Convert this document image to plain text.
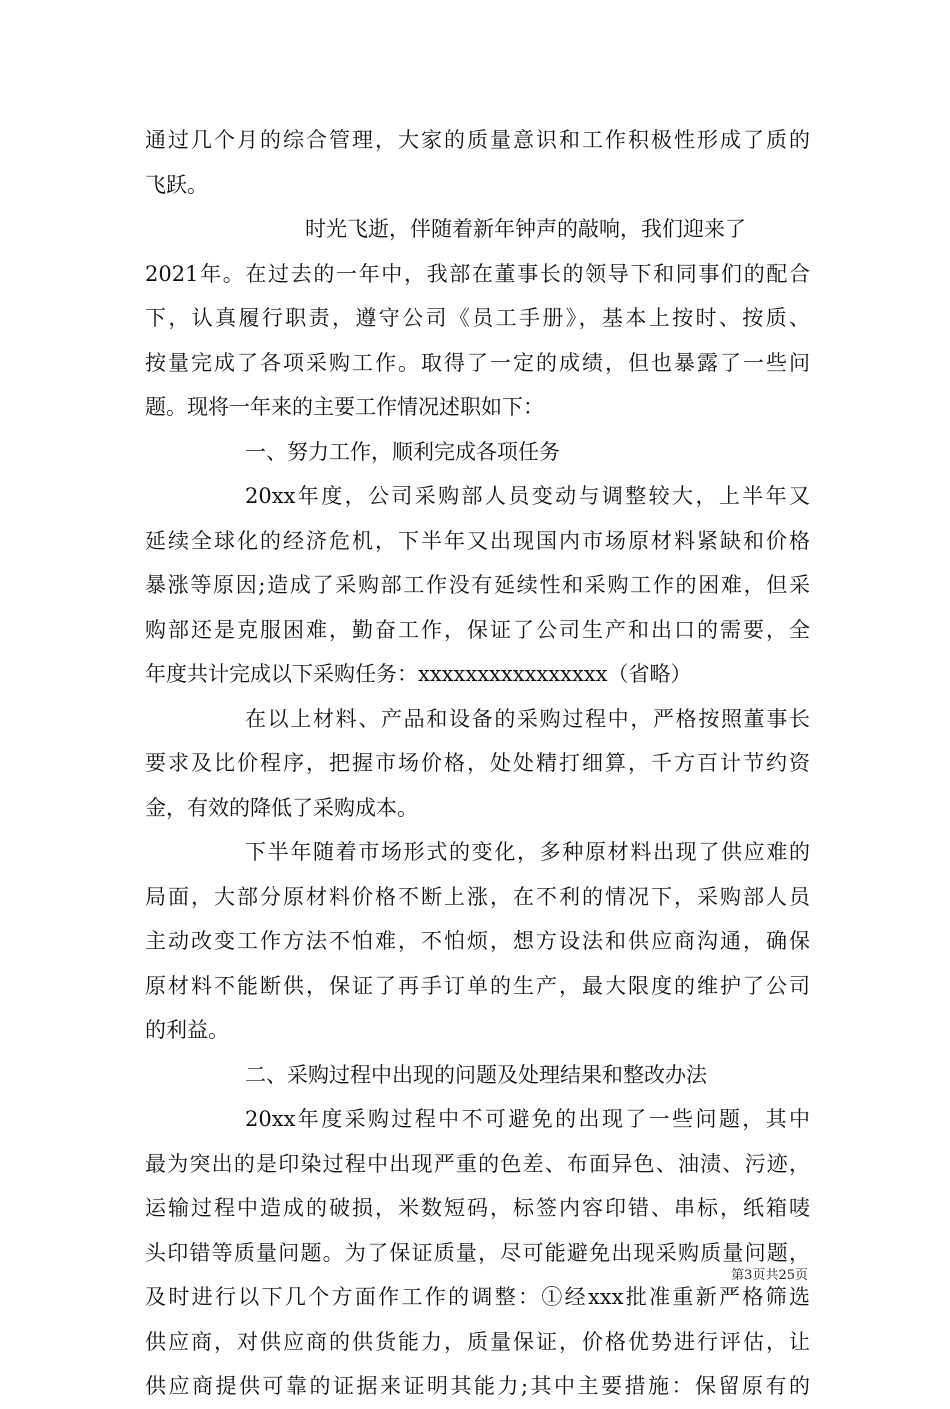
通过几个月的综合管理，大家的质量意识和工作积极性形成了质的
飞跃。
时光飞逝，伴随着新年钟声的敲响，我们迎来了
2021年。在过去的一年中，我部在董事长的领导下和同事们的配合
下，认真履行职责，遵守公司《员工手册》，基本上按时、按质、
按量完成了各项采购工作。取得了一定的成绩，但也暴露了一些问
题。现将一年来的主要工作情况述职如下：
一、努力工作，顺利完成各项任务
20xx年度，公司采购部人员变动与调整较大，上半年又
延续全球化的经济危机，下半年又出现国内市场原材料紧缺和价格
暴涨等原因;造成了采购部工作没有延续性和采购工作的困难，但采
购部还是克服困难，勤奋工作，保证了公司生产和出口的需要，全
年度共计完成以下采购任务：xxxxxxxxxxxxxxxx（省略）
在以上材料、产品和设备的采购过程中，严格按照董事长
要求及比价程序，把握市场价格，处处精打细算，千方百计节约资
金，有效的降低了采购成本。
下半年随着市场形式的变化，多种原材料出现了供应难的
局面，大部分原材料价格不断上涨，在不利的情况下，采购部人员
主动改变工作方法不怕难，不怕烦，想方设法和供应商沟通，确保
原材料不能断供，保证了再手订单的生产，最大限度的维护了公司
的利益。
二、采购过程中出现的问题及处理结果和整改办法
20xx年度采购过程中不可避免的出现了一些问题，其中
最为突出的是印染过程中出现严重的色差、布面异色、油渍、污迹，
运输过程中造成的破损，米数短码，标签内容印错、串标，纸箱唛
头印错等质量问题。为了保证质量，尽可能避免出现采购质量问题，
及时进行以下几个方面作工作的调整：①经xxx批准重新严格筛选
供应商，对供应商的供货能力，质量保证，价格优势进行评估，让
供应商提供可靠的证据来证明其能力;其中主要措施：保留原有的
第3页共25页
